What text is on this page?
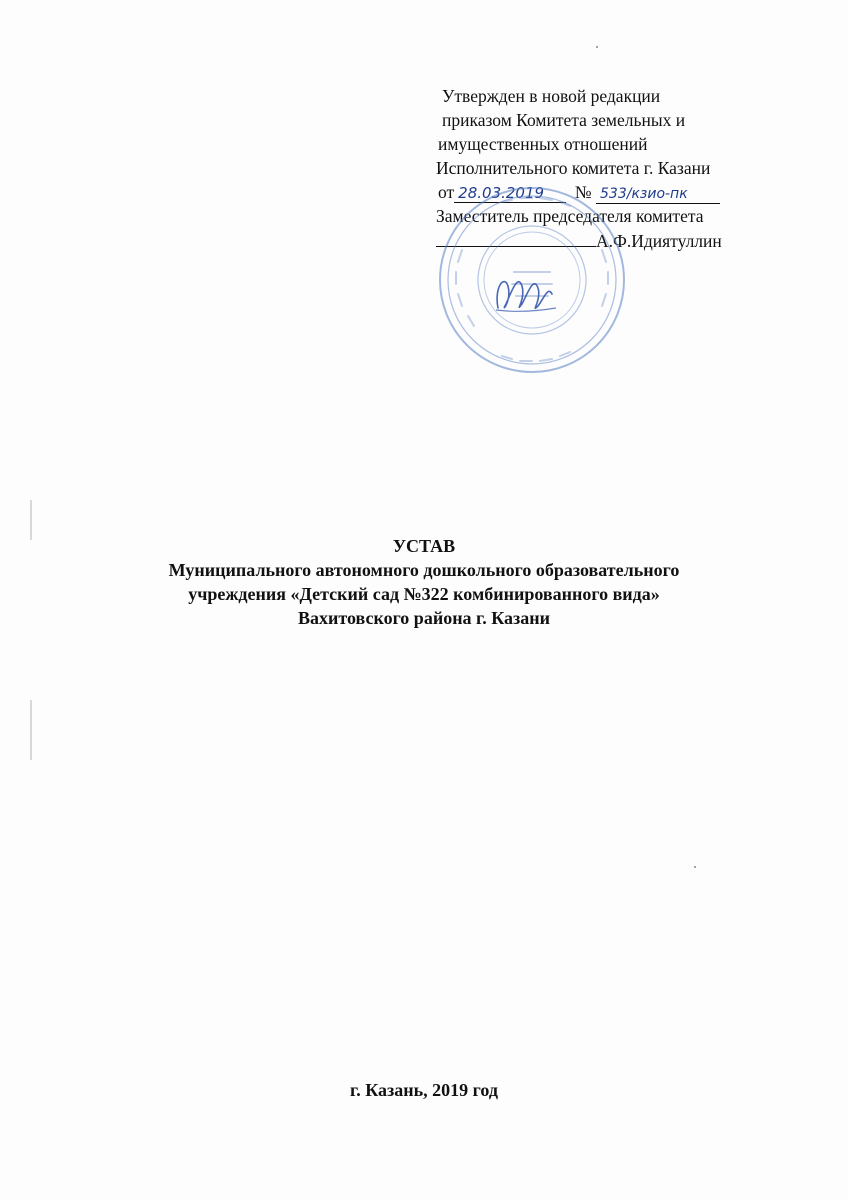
Утвержден в новой редакции
приказом Комитета земельных и
имущественных отношений
Исполнительного комитета г. Казани
от 28.03.2019 № 533/кзио-пк
Заместитель председателя комитета
А.Ф.Идиятуллин
УСТАВ
Муниципального автономного дошкольного образовательного
учреждения «Детский сад №322 комбинированного вида»
Вахитовского района г. Казани
г. Казань, 2019 год
